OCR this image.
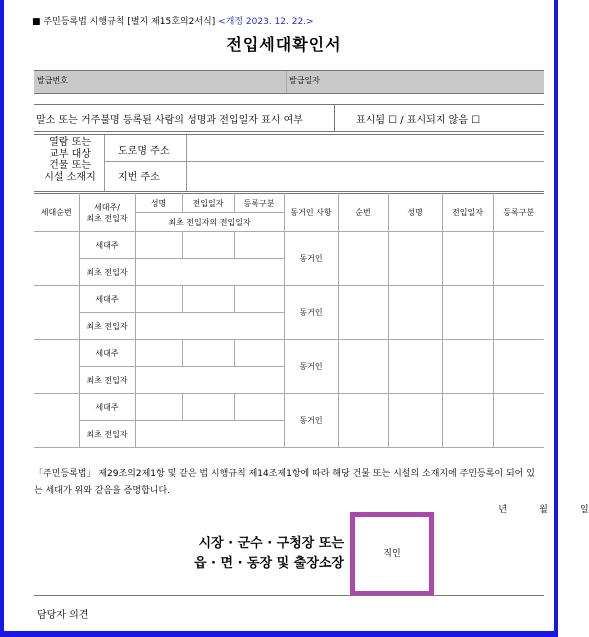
■ 주민등록법 시행규칙 [별지 제15호의2서식] <개정 2023. 12. 22.>
전입세대확인서
발급번호	발급일자
말소 또는 거주불명 등록된 사람의 성명과 전입일자 표시 여부	표시됨 ☐ / 표시되지 않음 ☐
열람 또는
교부 대상
건물 또는
시설 소재지
도로명 주소
지번 주소
세대순번	세대주/
최초 전입자	성명	전입일자	등록구분	동거인 사항	순번	성명	전입일자	등록구분
		최초 전입자의 전입일자							
	세대주				동거인				
	최초 전입자								
	세대주				동거인				
	최초 전입자								
	세대주				동거인				
	최초 전입자								
	세대주				동거인				
	최초 전입자								
「주민등록법」 제29조의2제1항 및 같은 법 시행규칙 제14조제1항에 따라 해당 건물 또는 시설의 소재지에 주민등록이 되어 있는 세대가 위와 같음을 증명합니다.
년	월	일
시장 · 군수 · 구청장 또는
읍 · 면 · 동장 및 출장소장
직인
담당자 의견
